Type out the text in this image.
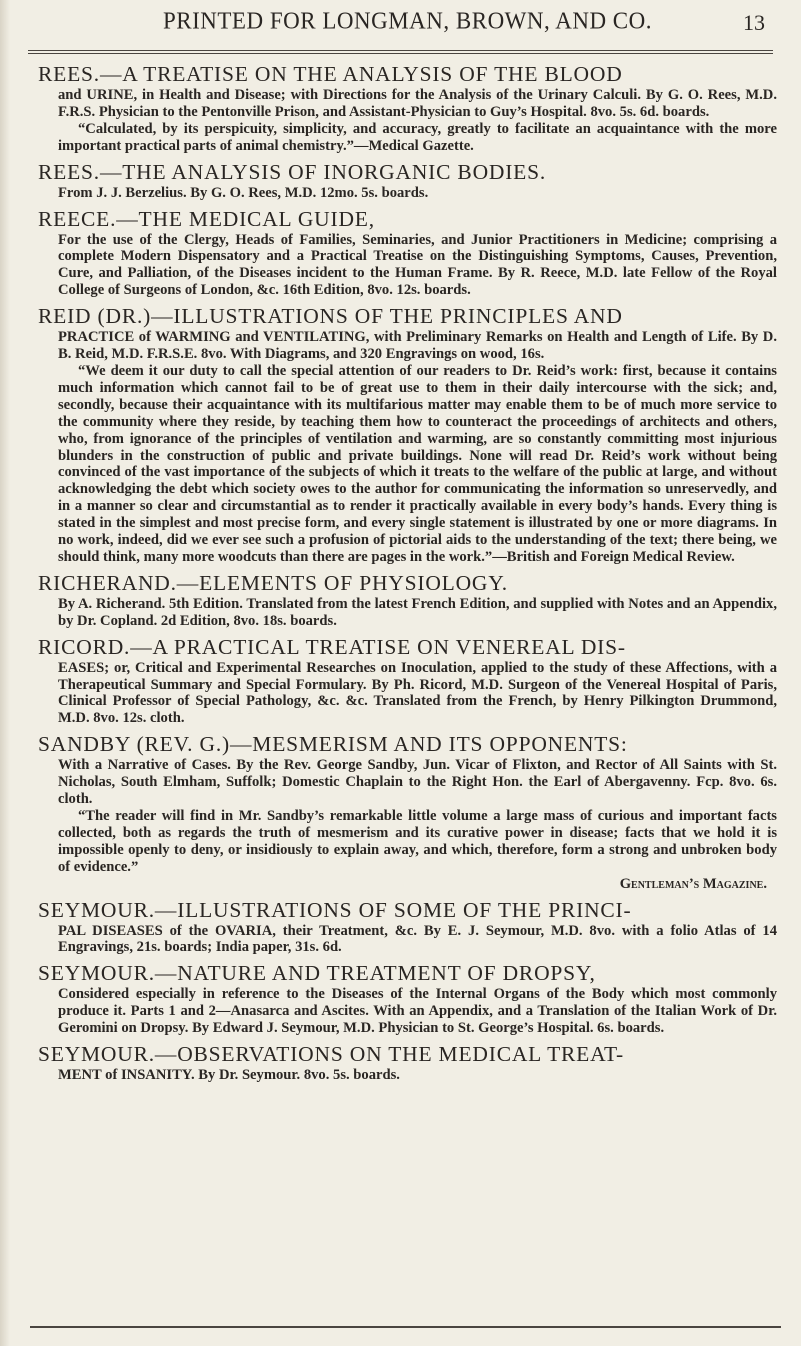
PRINTED FOR LONGMAN, BROWN, AND CO.	13

REES.—A TREATISE ON THE ANALYSIS OF THE BLOOD

and URINE, in Health and Disease; with Directions for the Analysis of the Urinary Calculi. By G. O. Rees, M.D. F.R.S. Physician to the Pentonville Prison, and Assistant-Physician to Guy’s Hospital. 8vo. 5s. 6d. boards.

“Calculated, by its perspicuity, simplicity, and accuracy, greatly to facilitate an acquaintance with the more important practical parts of animal chemistry.”—Medical Gazette.

REES.—THE ANALYSIS OF INORGANIC BODIES.

From J. J. Berzelius. By G. O. Rees, M.D. 12mo. 5s. boards.

REECE.—THE MEDICAL GUIDE,

For the use of the Clergy, Heads of Families, Seminaries, and Junior Practitioners in Medicine; comprising a complete Modern Dispensatory and a Practical Treatise on the Distinguishing Symptoms, Causes, Prevention, Cure, and Palliation, of the Diseases incident to the Human Frame. By R. Reece, M.D. late Fellow of the Royal College of Surgeons of London, &c. 16th Edition, 8vo. 12s. boards.

REID (DR.)—ILLUSTRATIONS OF THE PRINCIPLES AND

PRACTICE of WARMING and VENTILATING, with Preliminary Remarks on Health and Length of Life. By D. B. Reid, M.D. F.R.S.E. 8vo. With Diagrams, and 320 Engravings on wood, 16s.

“We deem it our duty to call the special attention of our readers to Dr. Reid’s work: first, because it contains much information which cannot fail to be of great use to them in their daily intercourse with the sick; and, secondly, because their acquaintance with its multifarious matter may enable them to be of much more service to the community where they reside, by teaching them how to counteract the proceedings of architects and others, who, from ignorance of the principles of ventilation and warming, are so constantly committing most injurious blunders in the construction of public and private buildings. None will read Dr. Reid’s work without being convinced of the vast importance of the subjects of which it treats to the welfare of the public at large, and without acknowledging the debt which society owes to the author for communicating the information so unreservedly, and in a manner so clear and circumstantial as to render it practically available in every body’s hands. Every thing is stated in the simplest and most precise form, and every single statement is illustrated by one or more diagrams. In no work, indeed, did we ever see such a profusion of pictorial aids to the understanding of the text; there being, we should think, many more woodcuts than there are pages in the work.”—British and Foreign Medical Review.

RICHERAND.—ELEMENTS OF PHYSIOLOGY.

By A. Richerand. 5th Edition. Translated from the latest French Edition, and supplied with Notes and an Appendix, by Dr. Copland. 2d Edition, 8vo. 18s. boards.

RICORD.—A PRACTICAL TREATISE ON VENEREAL DIS-

EASES; or, Critical and Experimental Researches on Inoculation, applied to the study of these Affections, with a Therapeutical Summary and Special Formulary. By Ph. Ricord, M.D. Surgeon of the Venereal Hospital of Paris, Clinical Professor of Special Pathology, &c. &c. Translated from the French, by Henry Pilkington Drummond, M.D. 8vo. 12s. cloth.

SANDBY (REV. G.)—MESMERISM AND ITS OPPONENTS:

With a Narrative of Cases. By the Rev. George Sandby, Jun. Vicar of Flixton, and Rector of All Saints with St. Nicholas, South Elmham, Suffolk; Domestic Chaplain to the Right Hon. the Earl of Abergavenny. Fcp. 8vo. 6s. cloth.

“The reader will find in Mr. Sandby’s remarkable little volume a large mass of curious and important facts collected, both as regards the truth of mesmerism and its curative power in disease; facts that we hold it is impossible openly to deny, or insidiously to explain away, and which, therefore, form a strong and unbroken body of evidence.”

Gentleman’s Magazine.

SEYMOUR.—ILLUSTRATIONS OF SOME OF THE PRINCI-

PAL DISEASES of the OVARIA, their Treatment, &c. By E. J. Seymour, M.D. 8vo. with a folio Atlas of 14 Engravings, 21s. boards; India paper, 31s. 6d.

SEYMOUR.—NATURE AND TREATMENT OF DROPSY,

Considered especially in reference to the Diseases of the Internal Organs of the Body which most commonly produce it. Parts 1 and 2—Anasarca and Ascites. With an Appendix, and a Translation of the Italian Work of Dr. Geromini on Dropsy. By Edward J. Seymour, M.D. Physician to St. George’s Hospital. 6s. boards.

SEYMOUR.—OBSERVATIONS ON THE MEDICAL TREAT-

MENT of INSANITY. By Dr. Seymour. 8vo. 5s. boards.
